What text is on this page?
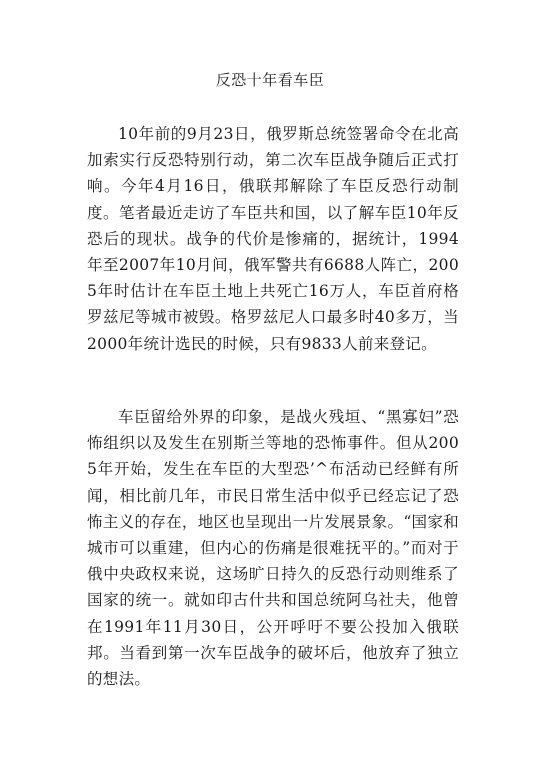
反恐十年看车臣

10年前的9月23日，俄罗斯总统签署命令在北高加索实行反恐特别行动，第二次车臣战争随后正式打响。今年4月16日，俄联邦解除了车臣反恐行动制度。笔者最近走访了车臣共和国，以了解车臣10年反恐后的现状。战争的代价是惨痛的，据统计，1994年至2007年10月间，俄军警共有6688人阵亡，2005年时估计在车臣土地上共死亡16万人，车臣首府格罗兹尼等城市被毁。格罗兹尼人口最多时40多万，当2000年统计选民的时候，只有9833人前来登记。

车臣留给外界的印象，是战火残垣、“黑寡妇”恐怖组织以及发生在别斯兰等地的恐怖事件。但从2005年开始，发生在车臣的大型恐’^布活动已经鲜有所闻，相比前几年，市民日常生活中似乎已经忘记了恐怖主义的存在，地区也呈现出一片发展景象。“国家和城市可以重建，但内心的伤痛是很难抚平的。”而对于俄中央政权来说，这场旷日持久的反恐行动则维系了国家的统一。就如印古什共和国总统阿乌社夫，他曾在1991年11月30日，公开呼吁不要公投加入俄联邦。当看到第一次车臣战争的破坏后，他放弃了独立的想法。
